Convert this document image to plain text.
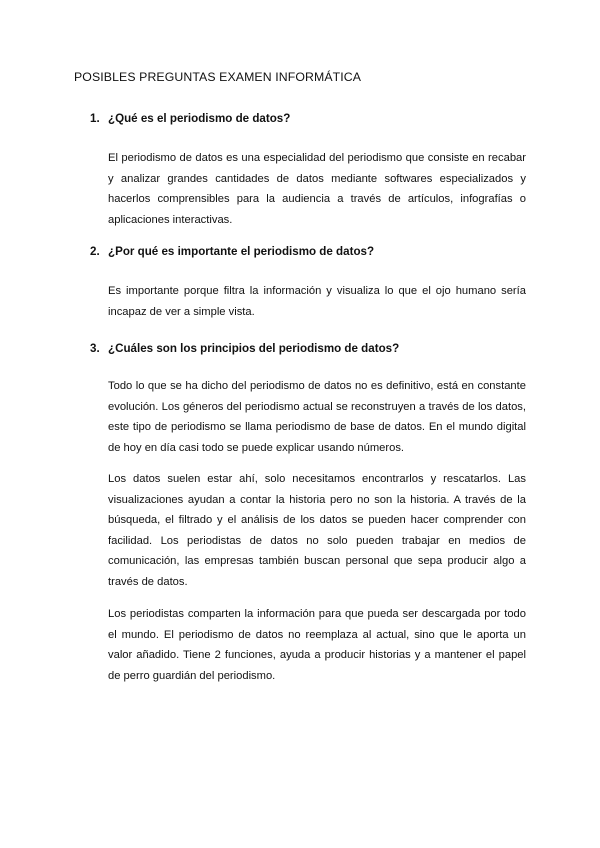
POSIBLES PREGUNTAS EXAMEN INFORMÁTICA
1. ¿Qué es el periodismo de datos?

El periodismo de datos es una especialidad del periodismo que consiste en recabar y analizar grandes cantidades de datos mediante softwares especializados y hacerlos comprensibles para la audiencia a través de artículos, infografías o aplicaciones interactivas.

2. ¿Por qué es importante el periodismo de datos?

Es importante porque filtra la información y visualiza lo que el ojo humano sería incapaz de ver a simple vista.

3. ¿Cuáles son los principios del periodismo de datos?

Todo lo que se ha dicho del periodismo de datos no es definitivo, está en constante evolución. Los géneros del periodismo actual se reconstruyen a través de los datos, este tipo de periodismo se llama periodismo de base de datos. En el mundo digital de hoy en día casi todo se puede explicar usando números.

Los datos suelen estar ahí, solo necesitamos encontrarlos y rescatarlos. Las visualizaciones ayudan a contar la historia pero no son la historia. A través de la búsqueda, el filtrado y el análisis de los datos se pueden hacer comprender con facilidad. Los periodistas de datos no solo pueden trabajar en medios de comunicación, las empresas también buscan personal que sepa producir algo a través de datos.

Los periodistas comparten la información para que pueda ser descargada por todo el mundo. El periodismo de datos no reemplaza al actual, sino que le aporta un valor añadido. Tiene 2 funciones, ayuda a producir historias y a mantener el papel de perro guardián del periodismo.
